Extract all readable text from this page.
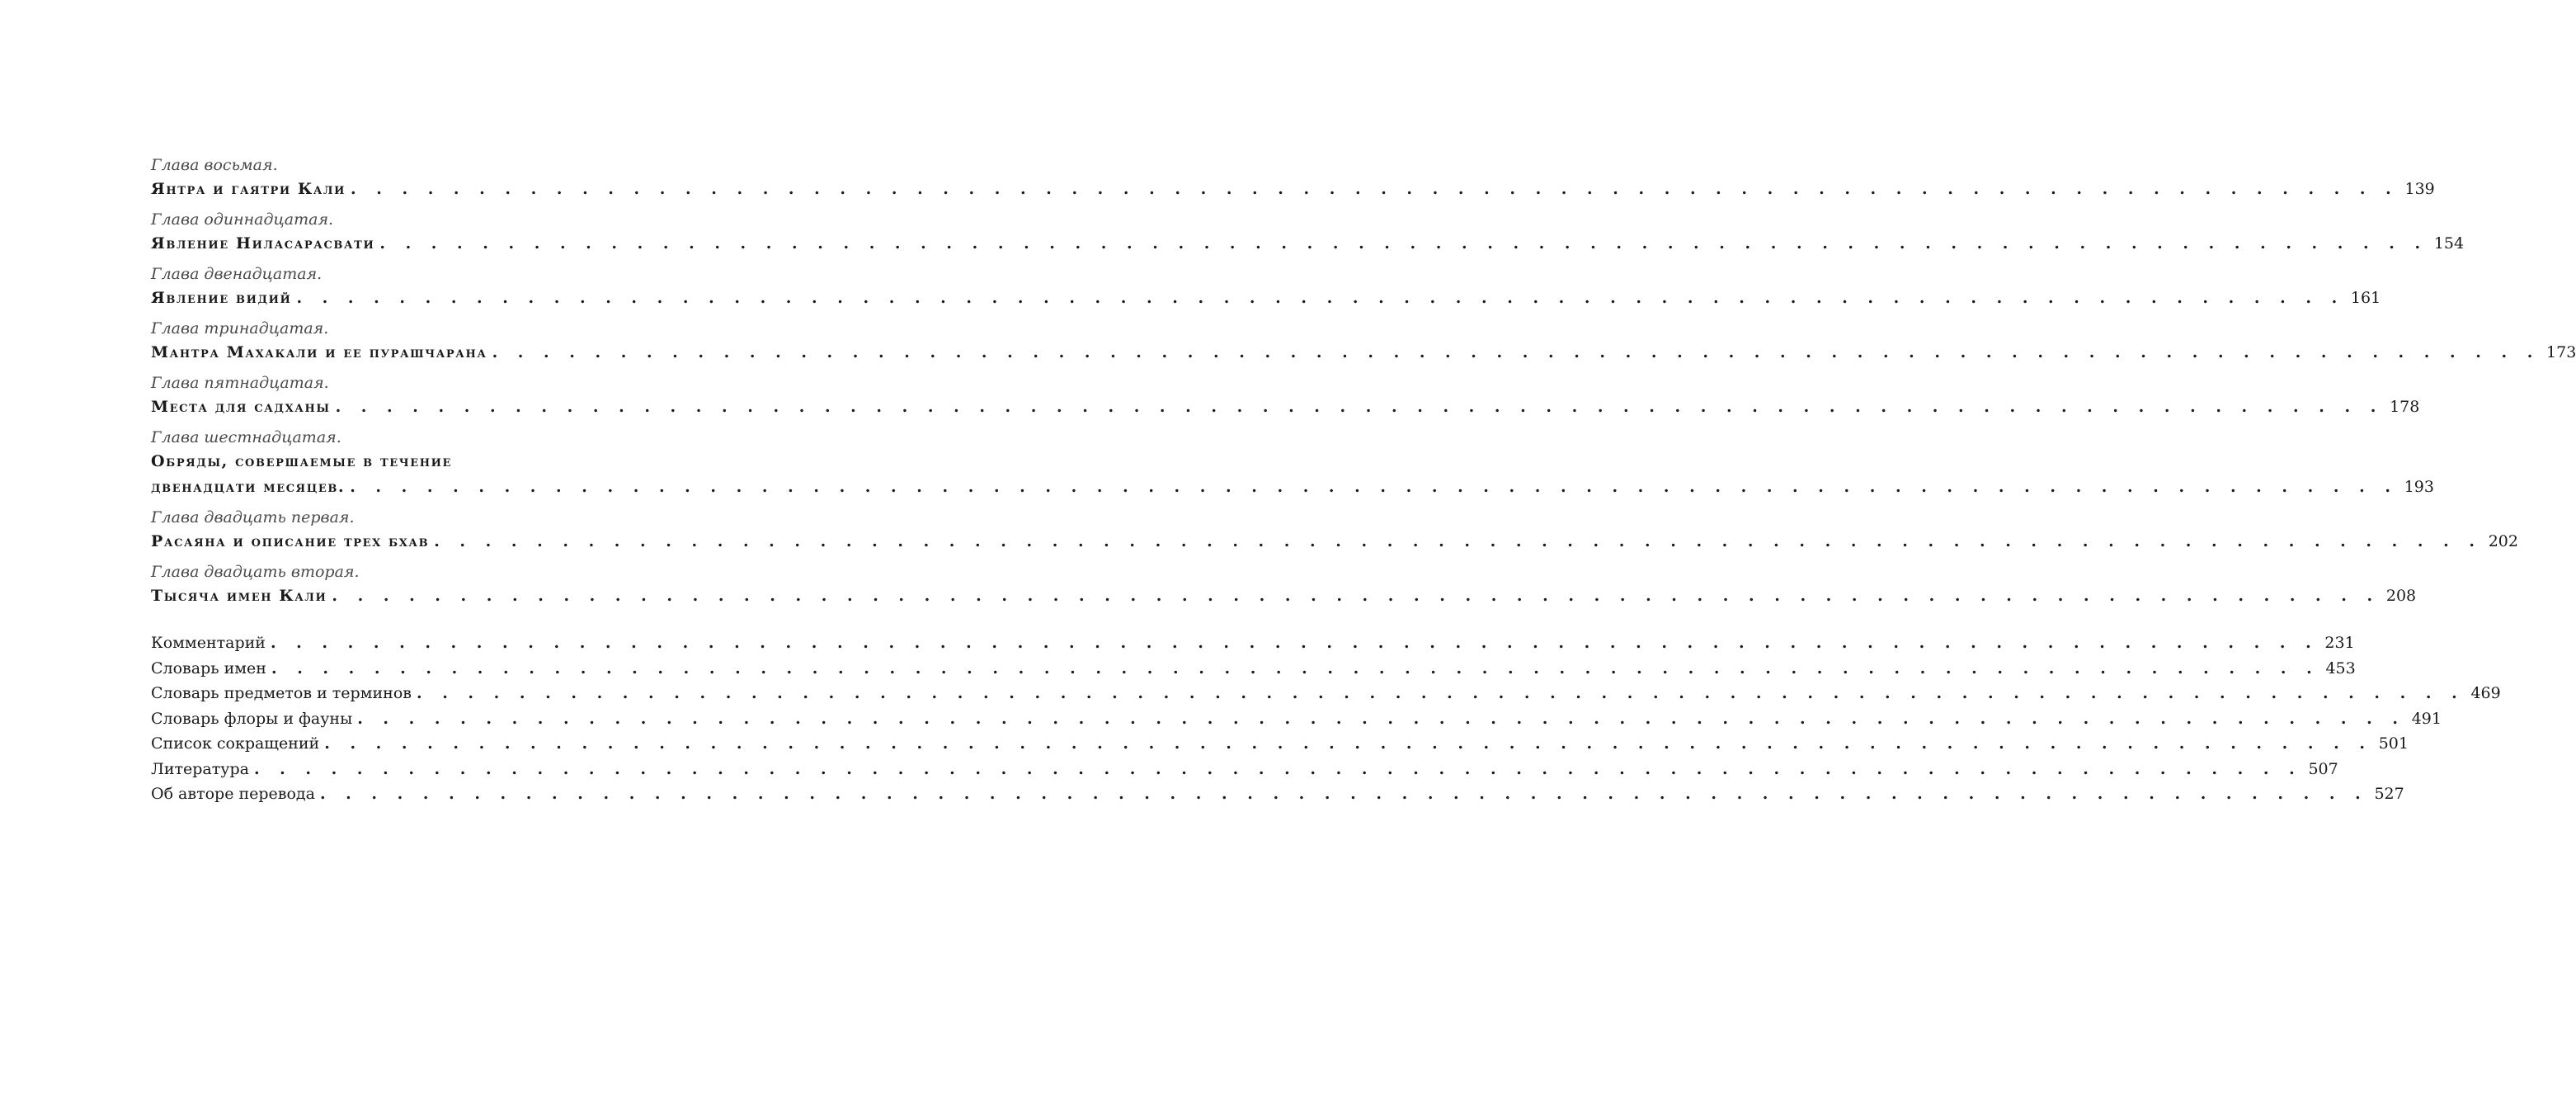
Глава восьмая.
Янтра и гаятри Кали . . . . . . . . . . . . . . . . . . . . . . . . . . . . . . . . . . . . . . . . . . . . . . . . . . . . . . . . . . . . . . . . . . . . . . . . . . . . . . . . 139
Глава одиннадцатая.
Явление Ниласарасвати . . . . . . . . . . . . . . . . . . . . . . . . . . . . . . . . . . . . . . . . . . . . . . . . . . . . . . . . . . . . . . . . . . . . . . . . . . . . . . . . 154
Глава двенадцатая.
Явление видий . . . . . . . . . . . . . . . . . . . . . . . . . . . . . . . . . . . . . . . . . . . . . . . . . . . . . . . . . . . . . . . . . . . . . . . . . . . . . . . . 161
Глава тринадцатая.
Мантра Махакали и ее пурашчарана . . . . . . . . . . . . . . . . . . . . . . . . . . . . . . . . . . . . . . . . . . . . . . . . . . . . . . . . . . . . . . . . . . . . . . . . . . . . . . . . 173
Глава пятнадцатая.
Места для садханы . . . . . . . . . . . . . . . . . . . . . . . . . . . . . . . . . . . . . . . . . . . . . . . . . . . . . . . . . . . . . . . . . . . . . . . . . . . . . . . . 178
Глава шестнадцатая.
Обряды, совершаемые в течение
двенадцати месяцев. . . . . . . . . . . . . . . . . . . . . . . . . . . . . . . . . . . . . . . . . . . . . . . . . . . . . . . . . . . . . . . . . . . . . . . . . . . . . . . . . 193
Глава двадцать первая.
Расаяна и описание трех бхав . . . . . . . . . . . . . . . . . . . . . . . . . . . . . . . . . . . . . . . . . . . . . . . . . . . . . . . . . . . . . . . . . . . . . . . . . . . . . . . . 202
Глава двадцать вторая.
Тысяча имен Кали . . . . . . . . . . . . . . . . . . . . . . . . . . . . . . . . . . . . . . . . . . . . . . . . . . . . . . . . . . . . . . . . . . . . . . . . . . . . . . . . 208
Комментарий . . . . . . . . . . . . . . . . . . . . . . . . . . . . . . . . . . . . . . . . . . . . . . . . . . . . . . . . . . . . . . . . . . . . . . . . . . . . . . . . 231
Словарь имен . . . . . . . . . . . . . . . . . . . . . . . . . . . . . . . . . . . . . . . . . . . . . . . . . . . . . . . . . . . . . . . . . . . . . . . . . . . . . . . . 453
Словарь предметов и терминов . . . . . . . . . . . . . . . . . . . . . . . . . . . . . . . . . . . . . . . . . . . . . . . . . . . . . . . . . . . . . . . . . . . . . . . . . . . . . . . . 469
Словарь флоры и фауны . . . . . . . . . . . . . . . . . . . . . . . . . . . . . . . . . . . . . . . . . . . . . . . . . . . . . . . . . . . . . . . . . . . . . . . . . . . . . . . . 491
Список сокращений . . . . . . . . . . . . . . . . . . . . . . . . . . . . . . . . . . . . . . . . . . . . . . . . . . . . . . . . . . . . . . . . . . . . . . . . . . . . . . . . 501
Литература . . . . . . . . . . . . . . . . . . . . . . . . . . . . . . . . . . . . . . . . . . . . . . . . . . . . . . . . . . . . . . . . . . . . . . . . . . . . . . . . 507
Об авторе перевода . . . . . . . . . . . . . . . . . . . . . . . . . . . . . . . . . . . . . . . . . . . . . . . . . . . . . . . . . . . . . . . . . . . . . . . . . . . . . . . . 527
